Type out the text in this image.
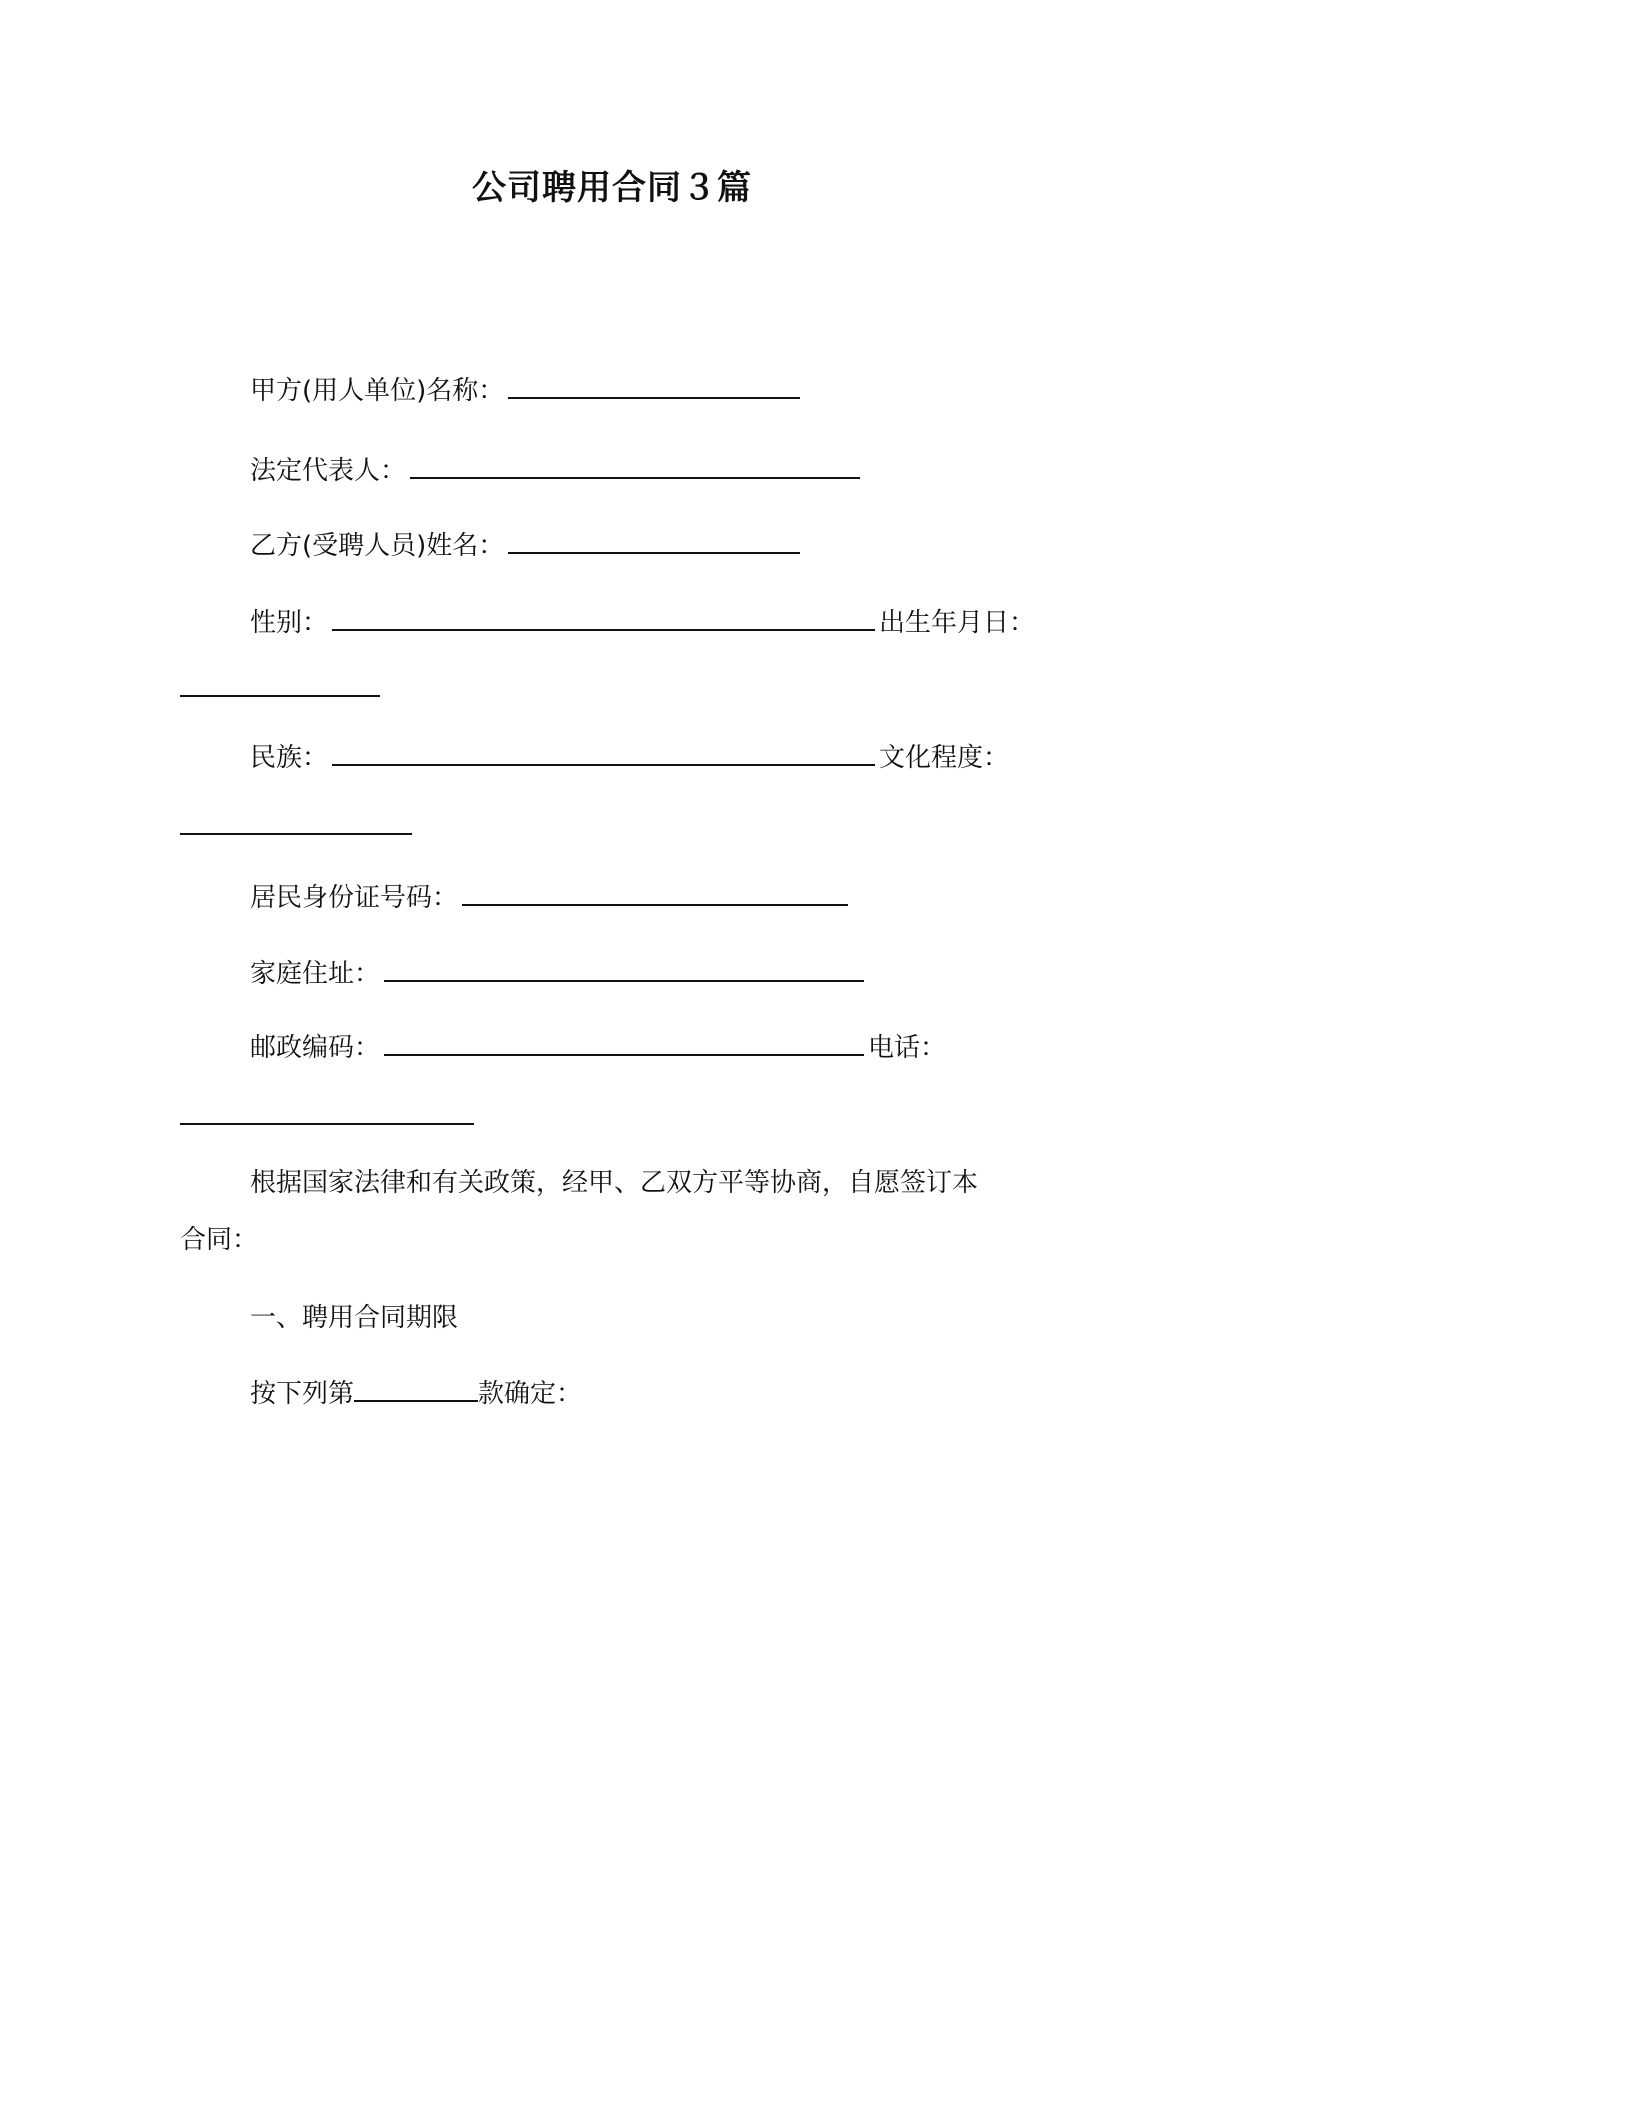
公司聘用合同３篇
甲方(用人单位)名称：
法定代表人：
乙方(受聘人员)姓名：
性别：	出生年月日：
民族：	文化程度：
居民身份证号码：
家庭住址：
邮政编码：	电话：
根据国家法律和有关政策，经甲、乙双方平等协商，自愿签订本
合同：
一、聘用合同期限
按下列第	款确定：
